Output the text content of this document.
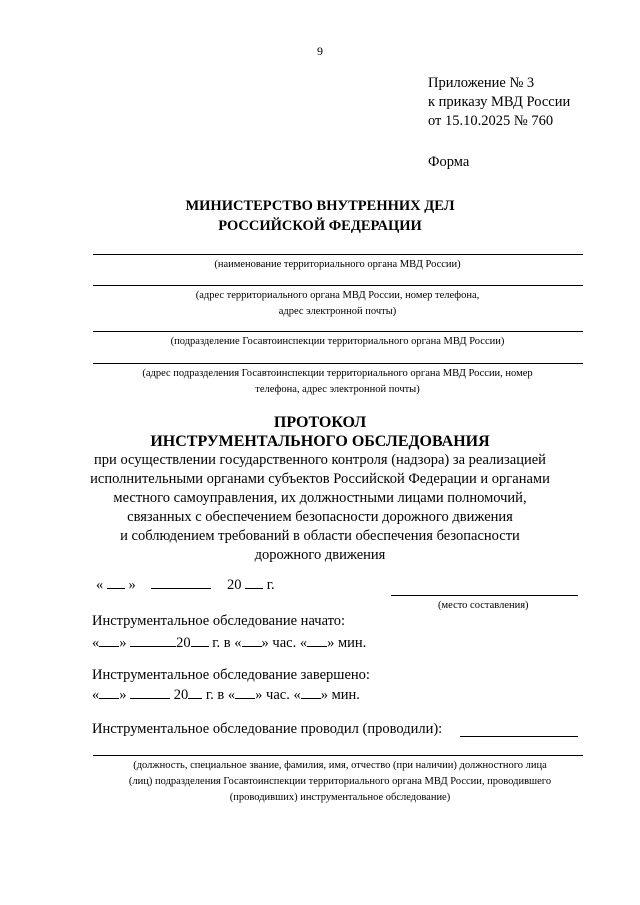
9
Приложение № 3
к приказу МВД России
от 15.10.2025 № 760
Форма
МИНИСТЕРСТВО ВНУТРЕННИХ ДЕЛ
РОССИЙСКОЙ ФЕДЕРАЦИИ
(наименование территориального органа МВД России)
(адрес территориального органа МВД России, номер телефона,
адрес электронной почты)
(подразделение Госавтоинспекции территориального органа МВД России)
(адрес подразделения Госавтоинспекции территориального органа МВД России, номер
телефона, адрес электронной почты)
ПРОТОКОЛ
ИНСТРУМЕНТАЛЬНОГО ОБСЛЕДОВАНИЯ
при осуществлении государственного контроля (надзора) за реализацией
исполнительными органами субъектов Российской Федерации и органами
местного самоуправления, их должностными лицами полномочий,
связанных с обеспечением безопасности дорожного движения
и соблюдением требований в области обеспечения безопасности
дорожного движения
« »	20 г.
(место составления)
Инструментальное обследование начато:
« »	20 г. в « » час. « » мин.
Инструментальное обследование завершено:
« »	20 г. в « » час. « » мин.
Инструментальное обследование проводил (проводили):
(должность, специальное звание, фамилия, имя, отчество (при наличии) должностного лица
(лиц) подразделения Госавтоинспекции территориального органа МВД России, проводившего
(проводивших) инструментальное обследование)
